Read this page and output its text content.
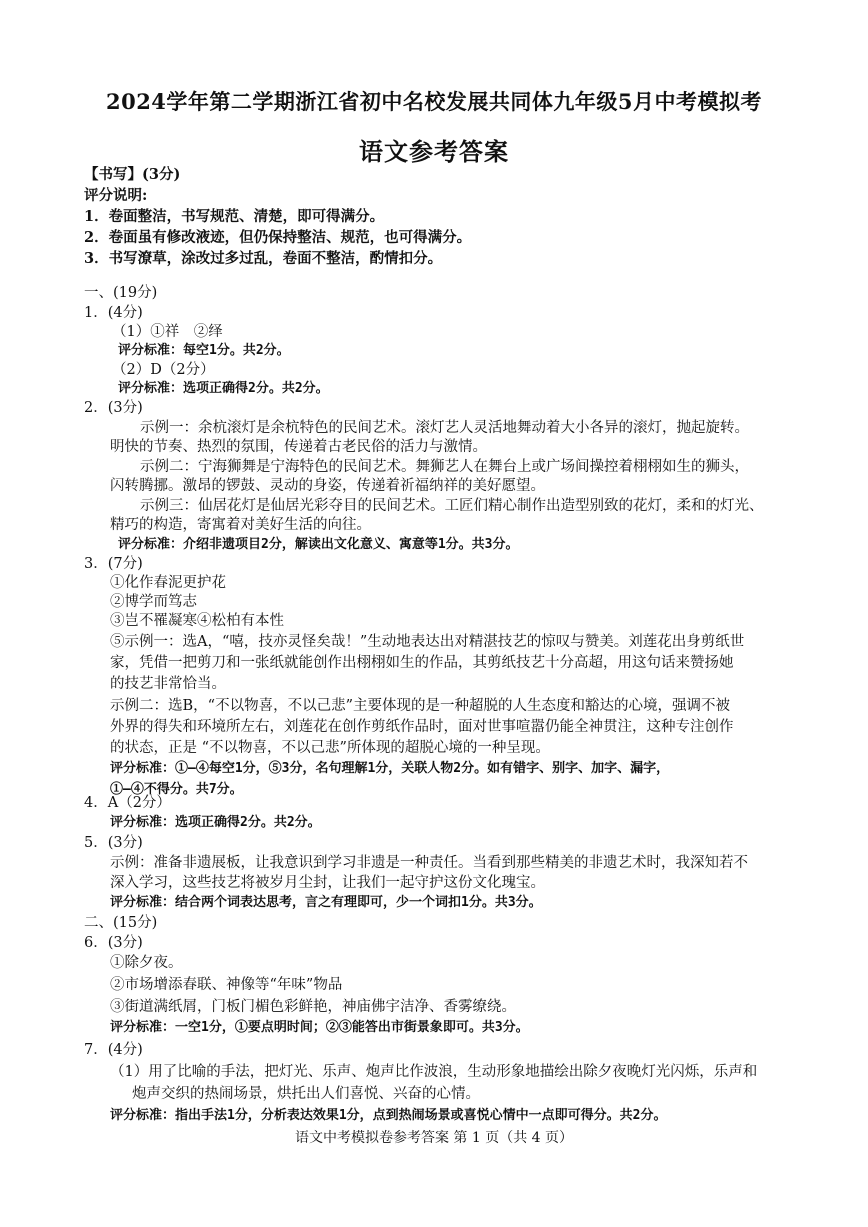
2024学年第二学期浙江省初中名校发展共同体九年级5月中考模拟考
语文参考答案
【书写】(3分)
评分说明:
1．卷面整洁，书写规范、清楚，即可得满分。
2．卷面虽有修改液迹，但仍保持整洁、规范，也可得满分。
3．书写潦草，涂改过多过乱，卷面不整洁，酌情扣分。
一、(19分)
1．(4分)
（1）①祥　②绎
评分标准：每空1分。共2分。
（2）D（2分）
评分标准：选项正确得2分。共2分。
2．(3分)
示例一：余杭滚灯是余杭特色的民间艺术。滚灯艺人灵活地舞动着大小各异的滚灯，抛起旋转。
明快的节奏、热烈的氛围，传递着古老民俗的活力与激情。
示例二：宁海狮舞是宁海特色的民间艺术。舞狮艺人在舞台上或广场间操控着栩栩如生的狮头，
闪转腾挪。激昂的锣鼓、灵动的身姿，传递着祈福纳祥的美好愿望。
示例三：仙居花灯是仙居光彩夺目的民间艺术。工匠们精心制作出造型别致的花灯，柔和的灯光、
精巧的构造，寄寓着对美好生活的向往。
评分标准：介绍非遗项目2分，解读出文化意义、寓意等1分。共3分。
3．(7分)
①化作春泥更护花
②博学而笃志
③岂不罹凝寒④松柏有本性
⑤示例一：选A，“嘻，技亦灵怪矣哉！”生动地表达出对精湛技艺的惊叹与赞美。刘莲花出身剪纸世
家，凭借一把剪刀和一张纸就能创作出栩栩如生的作品，其剪纸技艺十分高超，用这句话来赞扬她
的技艺非常恰当。
示例二：选B，“不以物喜，不以己悲”主要体现的是一种超脱的人生态度和豁达的心境，强调不被
外界的得失和环境所左右，刘莲花在创作剪纸作品时，面对世事喧嚣仍能全神贯注，这种专注创作
的状态，正是 “不以物喜，不以己悲”所体现的超脱心境的一种呈现。
评分标准：①—④每空1分，⑤3分，名句理解1分，关联人物2分。如有错字、别字、加字、漏字，
①—④不得分。共7分。
4．A（2分）
评分标准：选项正确得2分。共2分。
5．(3分)
示例：准备非遗展板，让我意识到学习非遗是一种责任。当看到那些精美的非遗艺术时，我深知若不
深入学习，这些技艺将被岁月尘封，让我们一起守护这份文化瑰宝。
评分标准：结合两个词表达思考，言之有理即可，少一个词扣1分。共3分。
二、(15分)
6．(3分)
①除夕夜。
②市场增添春联、神像等“年味”物品
③街道满纸屑，门板门楣色彩鲜艳，神庙佛宇洁净、香雾缭绕。
评分标准：一空1分，①要点明时间；②③能答出市街景象即可。共3分。
7．(4分)
（1）用了比喻的手法，把灯光、乐声、炮声比作波浪，生动形象地描绘出除夕夜晚灯光闪烁，乐声和
炮声交织的热闹场景，烘托出人们喜悦、兴奋的心情。
评分标准：指出手法1分，分析表达效果1分，点到热闹场景或喜悦心情中一点即可得分。共2分。
语文中考模拟卷参考答案 第 1 页（共 4 页）
